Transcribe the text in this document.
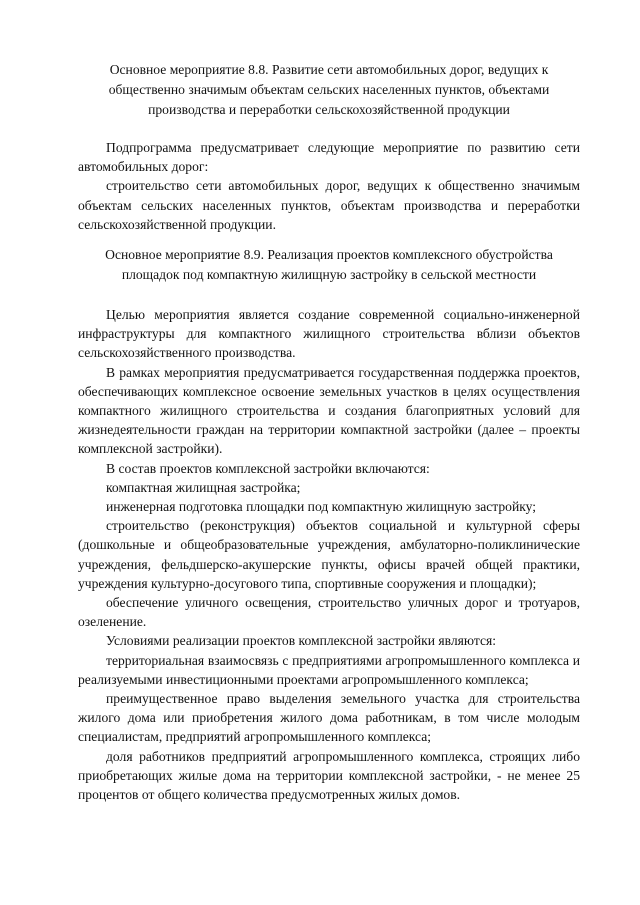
Основное мероприятие 8.8. Развитие сети автомобильных дорог, ведущих к общественно значимым объектам сельских населенных пунктов, объектами производства и переработки сельскохозяйственной продукции

Подпрограмма предусматривает следующие мероприятие по развитию сети автомобильных дорог:

строительство сети автомобильных дорог, ведущих к общественно значимым объектам сельских населенных пунктов, объектам производства и переработки сельскохозяйственной продукции.

Основное мероприятие 8.9. Реализация проектов комплексного обустройства площадок под компактную жилищную застройку в сельской местности

Целью мероприятия является создание современной социально-инженерной инфраструктуры для компактного жилищного строительства вблизи объектов сельскохозяйственного производства.

В рамках мероприятия предусматривается государственная поддержка проектов, обеспечивающих комплексное освоение земельных участков в целях осуществления компактного жилищного строительства и создания благоприятных условий для жизнедеятельности граждан на территории компактной застройки (далее – проекты комплексной застройки).

В состав проектов комплексной застройки включаются:

компактная жилищная застройка;

инженерная подготовка площадки под компактную жилищную застройку;

строительство (реконструкция) объектов социальной и культурной сферы (дошкольные и общеобразовательные учреждения, амбулаторно-поликлинические учреждения, фельдшерско-акушерские пункты, офисы врачей общей практики, учреждения культурно-досугового типа, спортивные сооружения и площадки);

обеспечение уличного освещения, строительство уличных дорог и тротуаров, озеленение.

Условиями реализации проектов комплексной застройки являются:

территориальная взаимосвязь с предприятиями агропромышленного комплекса и реализуемыми инвестиционными проектами агропромышленного комплекса;

преимущественное право выделения земельного участка для строительства жилого дома или приобретения жилого дома работникам, в том числе молодым специалистам, предприятий агропромышленного комплекса;

доля работников предприятий агропромышленного комплекса, строящих либо приобретающих жилые дома на территории комплексной застройки, - не менее 25 процентов от общего количества предусмотренных жилых домов.
